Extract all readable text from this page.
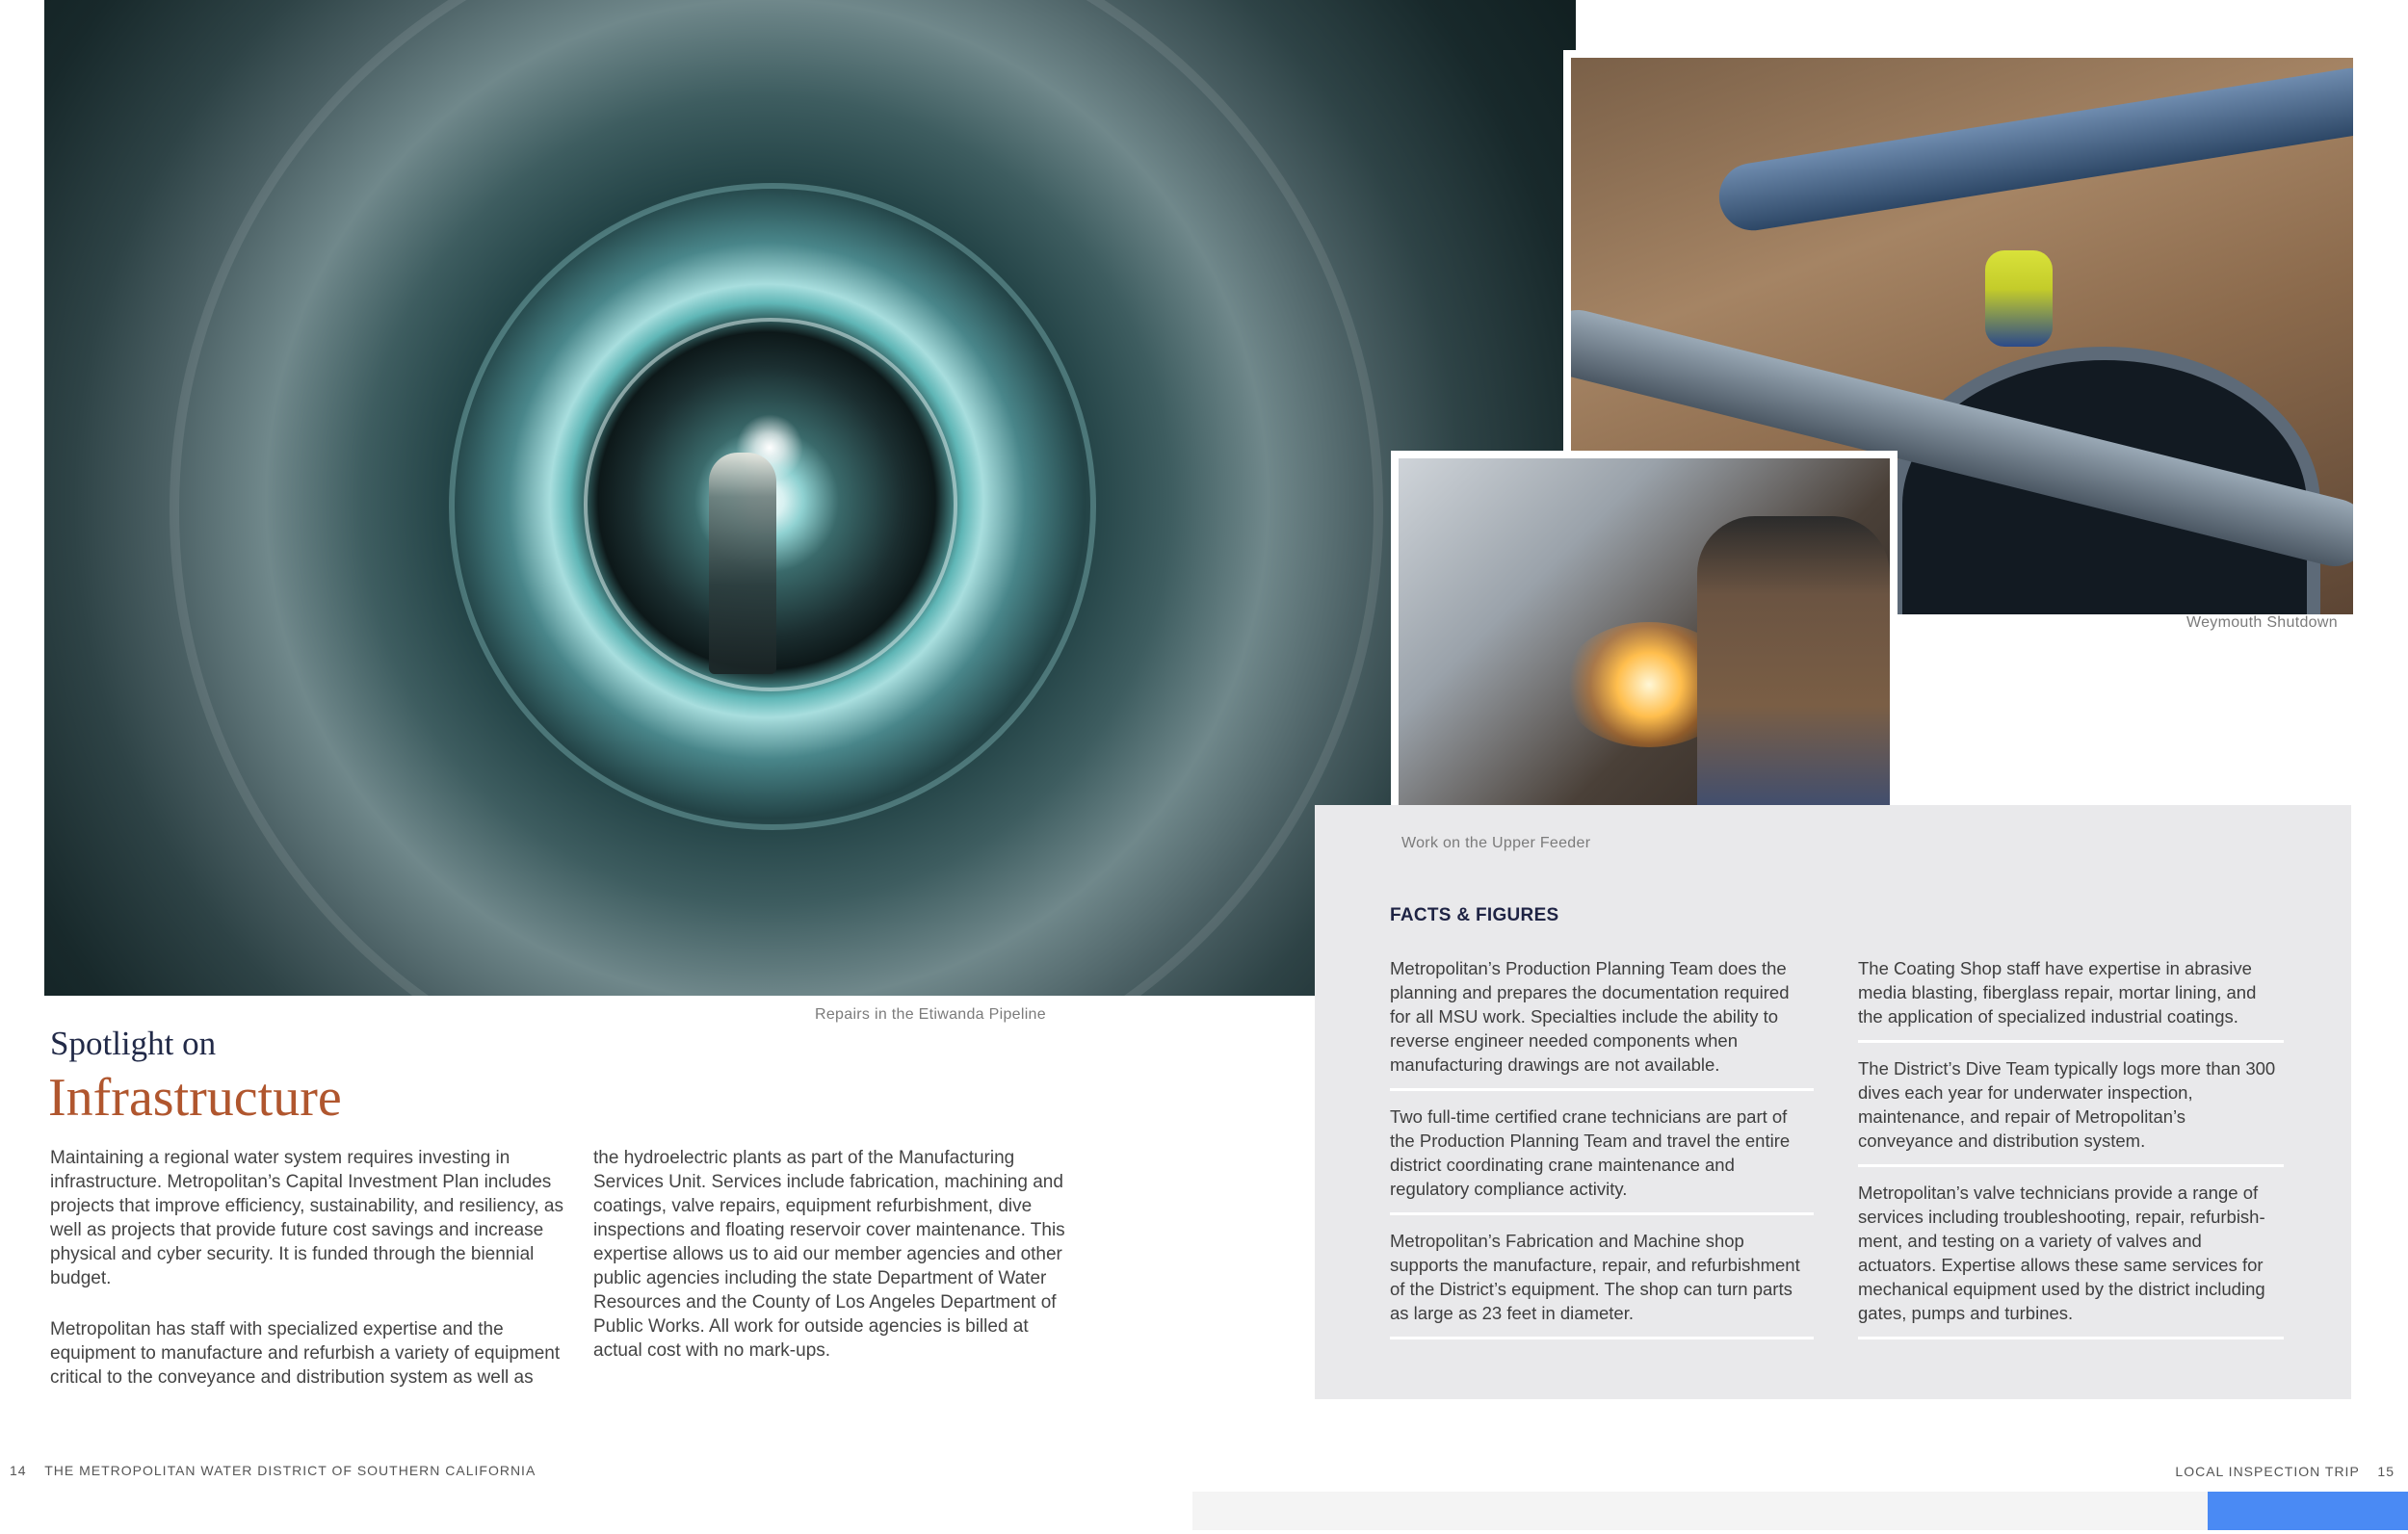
Repairs in the Etiwanda Pipeline
Weymouth Shutdown
Work on the Upper Feeder
Spotlight on
Infrastructure

Maintaining a regional water system requires investing in infrastructure. Metropolitan’s Capital Investment Plan includes projects that improve efficiency, sustainability, and resiliency, as well as projects that provide future cost savings and increase physical and cyber security. It is funded through the biennial budget.

Metropolitan has staff with specialized expertise and the equipment to manufacture and refurbish a variety of equipment critical to the conveyance and distribution system as well as

the hydroelectric plants as part of the Manufacturing Services Unit. Services include fabrication, machining and coatings, valve repairs, equipment refurbishment, dive inspections and floating reservoir cover maintenance. This expertise allows us to aid our member agencies and other public agencies including the state Department of Water Resources and the County of Los Angeles Department of Public Works. All work for outside agencies is billed at actual cost with no mark-ups.

FACTS & FIGURES
Metropolitan’s Production Planning Team does the planning and prepares the documentation required for all MSU work. Specialties include the ability to reverse engineer needed components when manufacturing drawings are not available.
Two full-time certified crane technicians are part of the Production Planning Team and travel the entire district coordinating crane maintenance and regulatory compliance activity.
Metropolitan’s Fabrication and Machine shop supports the manufacture, repair, and refurbishment of the District’s equipment. The shop can turn parts as large as 23 feet in diameter.
The Coating Shop staff have expertise in abrasive media blasting, fiberglass repair, mortar lining, and the application of specialized industrial coatings.
The District’s Dive Team typically logs more than 300 dives each year for underwater inspection, maintenance, and repair of Metropolitan’s conveyance and distribution system.
Metropolitan’s valve technicians provide a range of services including troubleshooting, repair, refurbish-ment, and testing on a variety of valves and actuators. Expertise allows these same services for mechanical equipment used by the district including gates, pumps and turbines.
14 THE METROPOLITAN WATER DISTRICT OF SOUTHERN CALIFORNIA	LOCAL INSPECTION TRIP 15
